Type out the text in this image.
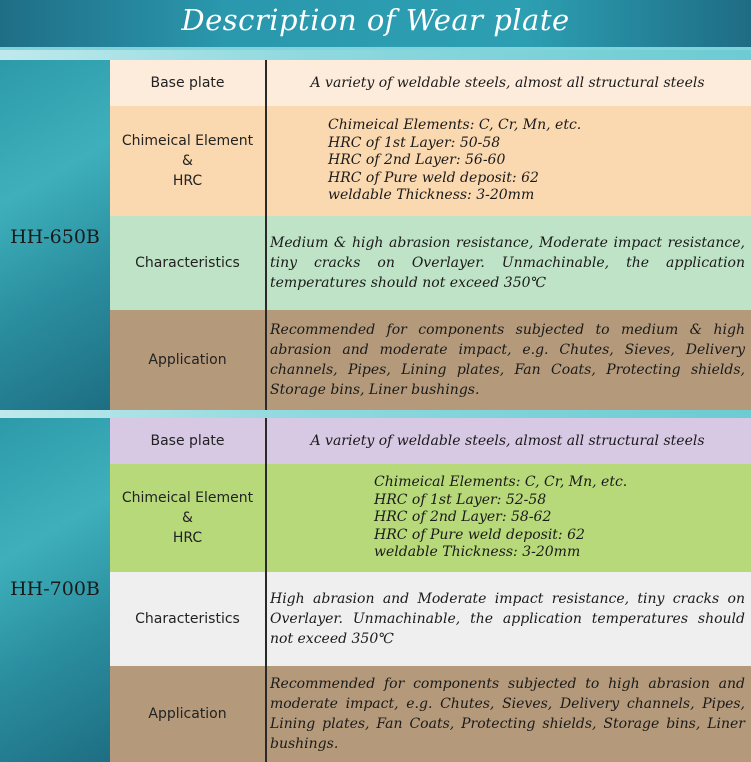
Description of Wear plate
HH-650B
Base plate	A variety of weldable steels, almost all structural steels
Chimeical Element
&
HRC
Chimeical Elements: C, Cr, Mn, etc.
HRC of 1st Layer: 50-58
HRC of 2nd Layer: 56-60
HRC of Pure weld deposit: 62
weldable Thickness: 3-20mm
Characteristics
Medium & high abrasion resistance, Moderate impact resistance, tiny cracks on Overlayer. Unmachinable, the application temperatures should not exceed 350℃
Application
Recommended for components subjected to medium & high abrasion and moderate impact, e.g. Chutes, Sieves, Delivery channels, Pipes, Lining plates, Fan Coats, Protecting shields, Storage bins, Liner bushings.
HH-700B
Base plate	A variety of weldable steels, almost all structural steels
Chimeical Element
&
HRC
Chimeical Elements: C, Cr, Mn, etc.
HRC of 1st Layer: 52-58
HRC of 2nd Layer: 58-62
HRC of Pure weld deposit: 62
weldable Thickness: 3-20mm
Characteristics
High abrasion and Moderate impact resistance, tiny cracks on Overlayer. Unmachinable, the application temperatures should not exceed 350℃
Application
Recommended for components subjected to high abrasion and moderate impact, e.g. Chutes, Sieves, Delivery channels, Pipes, Lining plates, Fan Coats, Protecting shields, Storage bins, Liner bushings.
